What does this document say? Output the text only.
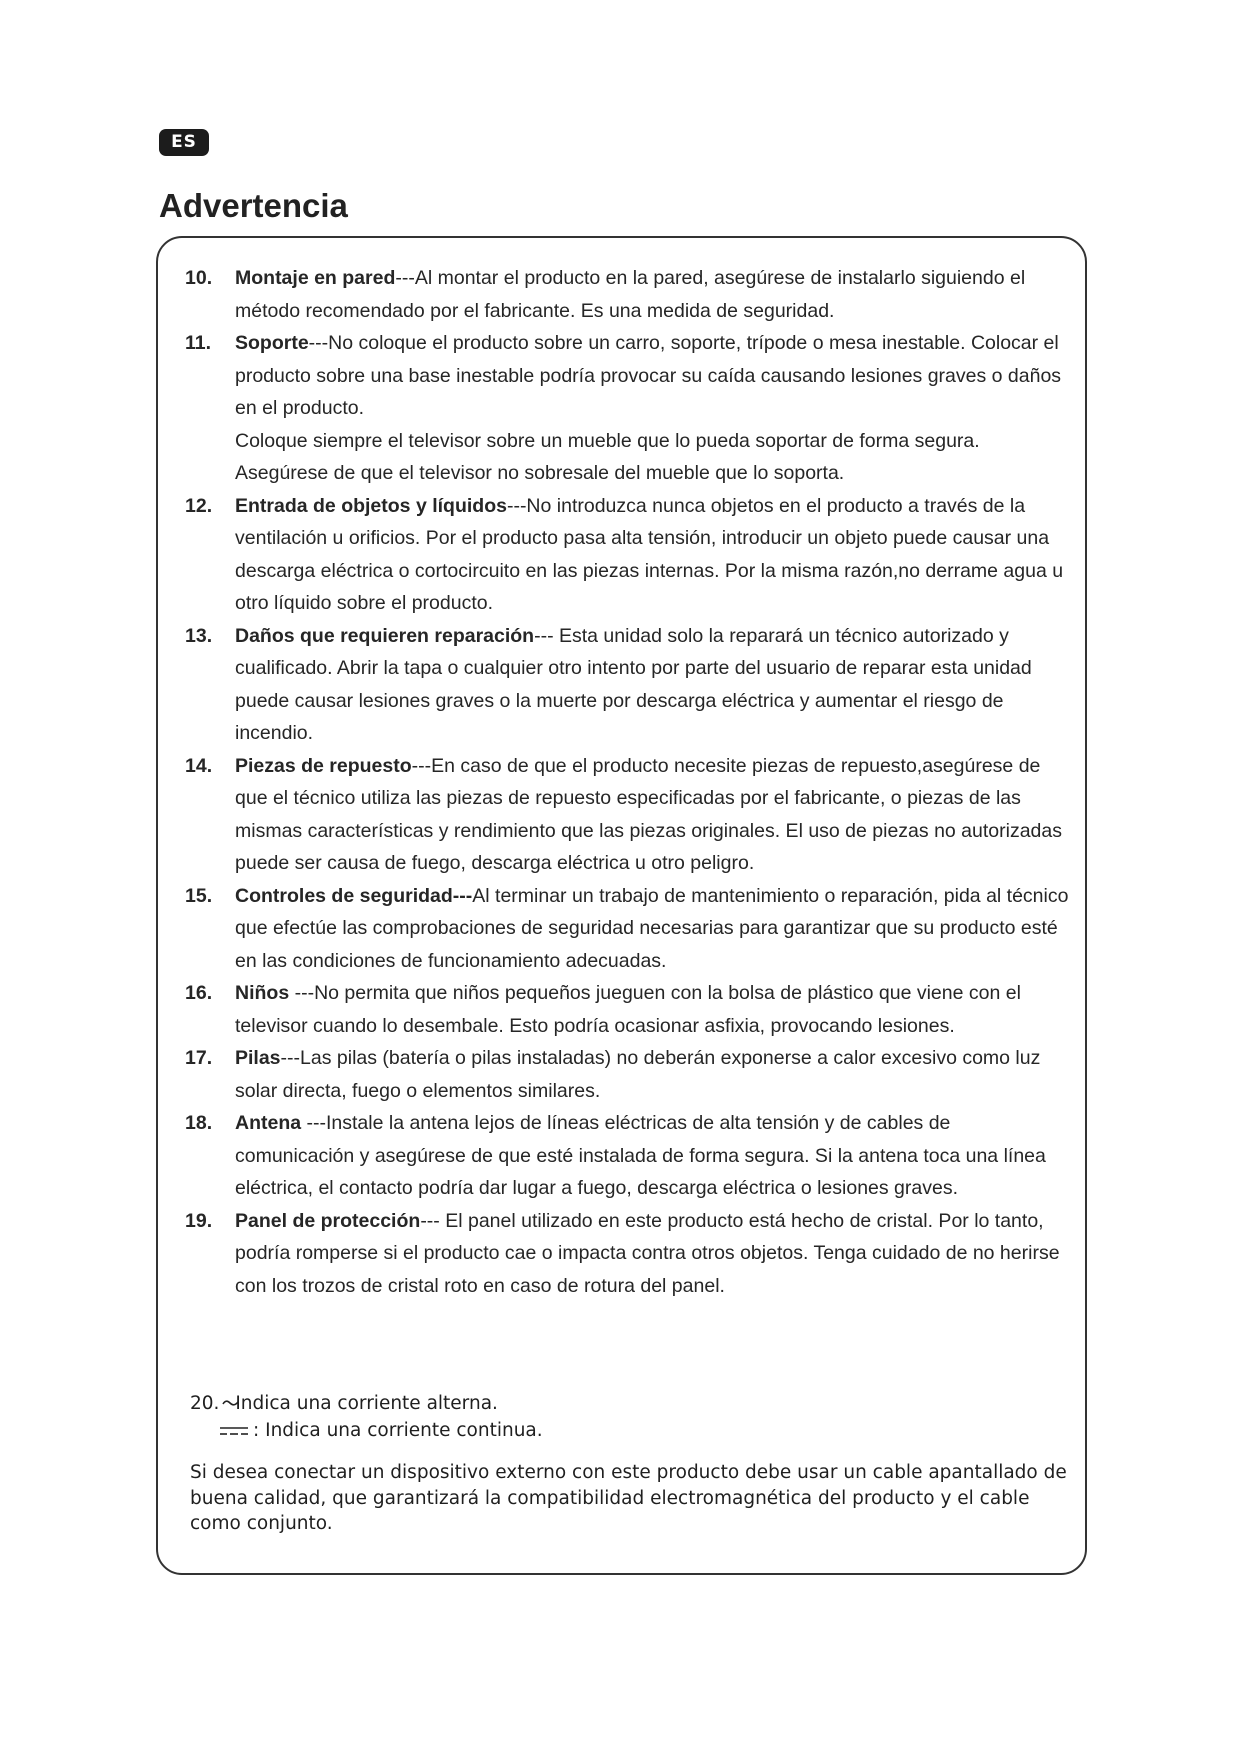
ES
Advertencia
10. Montaje en pared---Al montar el producto en la pared, asegúrese de instalarlo siguiendo el método recomendado por el fabricante. Es una medida de seguridad.
11. Soporte---No coloque el producto sobre un carro, soporte, trípode o mesa inestable. Colocar el producto sobre una base inestable podría provocar su caída causando lesiones graves o daños en el producto.
Coloque siempre el televisor sobre un mueble que lo pueda soportar de forma segura. Asegúrese de que el televisor no sobresale del mueble que lo soporta.
12. Entrada de objetos y líquidos---No introduzca nunca objetos en el producto a través de la ventilación u orificios. Por el producto pasa alta tensión, introducir un objeto puede causar una descarga eléctrica o cortocircuito en las piezas internas. Por la misma razón,no derrame agua u otro líquido sobre el producto.
13. Daños que requieren reparación--- Esta unidad solo la reparará un técnico autorizado y cualificado. Abrir la tapa o cualquier otro intento por parte del usuario de reparar esta unidad puede causar lesiones graves o la muerte por descarga eléctrica y aumentar el riesgo de incendio.
14. Piezas de repuesto---En caso de que el producto necesite piezas de repuesto,asegúrese de que el técnico utiliza las piezas de repuesto especificadas por el fabricante, o piezas de las mismas características y rendimiento que las piezas originales. El uso de piezas no autorizadas puede ser causa de fuego, descarga eléctrica u otro peligro.
15. Controles de seguridad---Al terminar un trabajo de mantenimiento o reparación, pida al técnico que efectúe las comprobaciones de seguridad necesarias para garantizar que su producto esté en las condiciones de funcionamiento adecuadas.
16. Niños ---No permita que niños pequeños jueguen con la bolsa de plástico que viene con el televisor cuando lo desembale. Esto podría ocasionar asfixia, provocando lesiones.
17. Pilas---Las pilas (batería o pilas instaladas) no deberán exponerse a calor excesivo como luz solar directa, fuego o elementos similares.
18. Antena ---Instale la antena lejos de líneas eléctricas de alta tensión y de cables de comunicación y asegúrese de que esté instalada de forma segura. Si la antena toca una línea eléctrica, el contacto podría dar lugar a fuego, descarga eléctrica o lesiones graves.
19. Panel de protección--- El panel utilizado en este producto está hecho de cristal. Por lo tanto, podría romperse si el producto cae o impacta contra otros objetos. Tenga cuidado de no herirse con los trozos de cristal roto en caso de rotura del panel.
20. Indica una corriente alterna.
: Indica una corriente continua.
Si desea conectar un dispositivo externo con este producto debe usar un cable apantallado de buena calidad, que garantizará la compatibilidad electromagnética del producto y el cable como conjunto.
